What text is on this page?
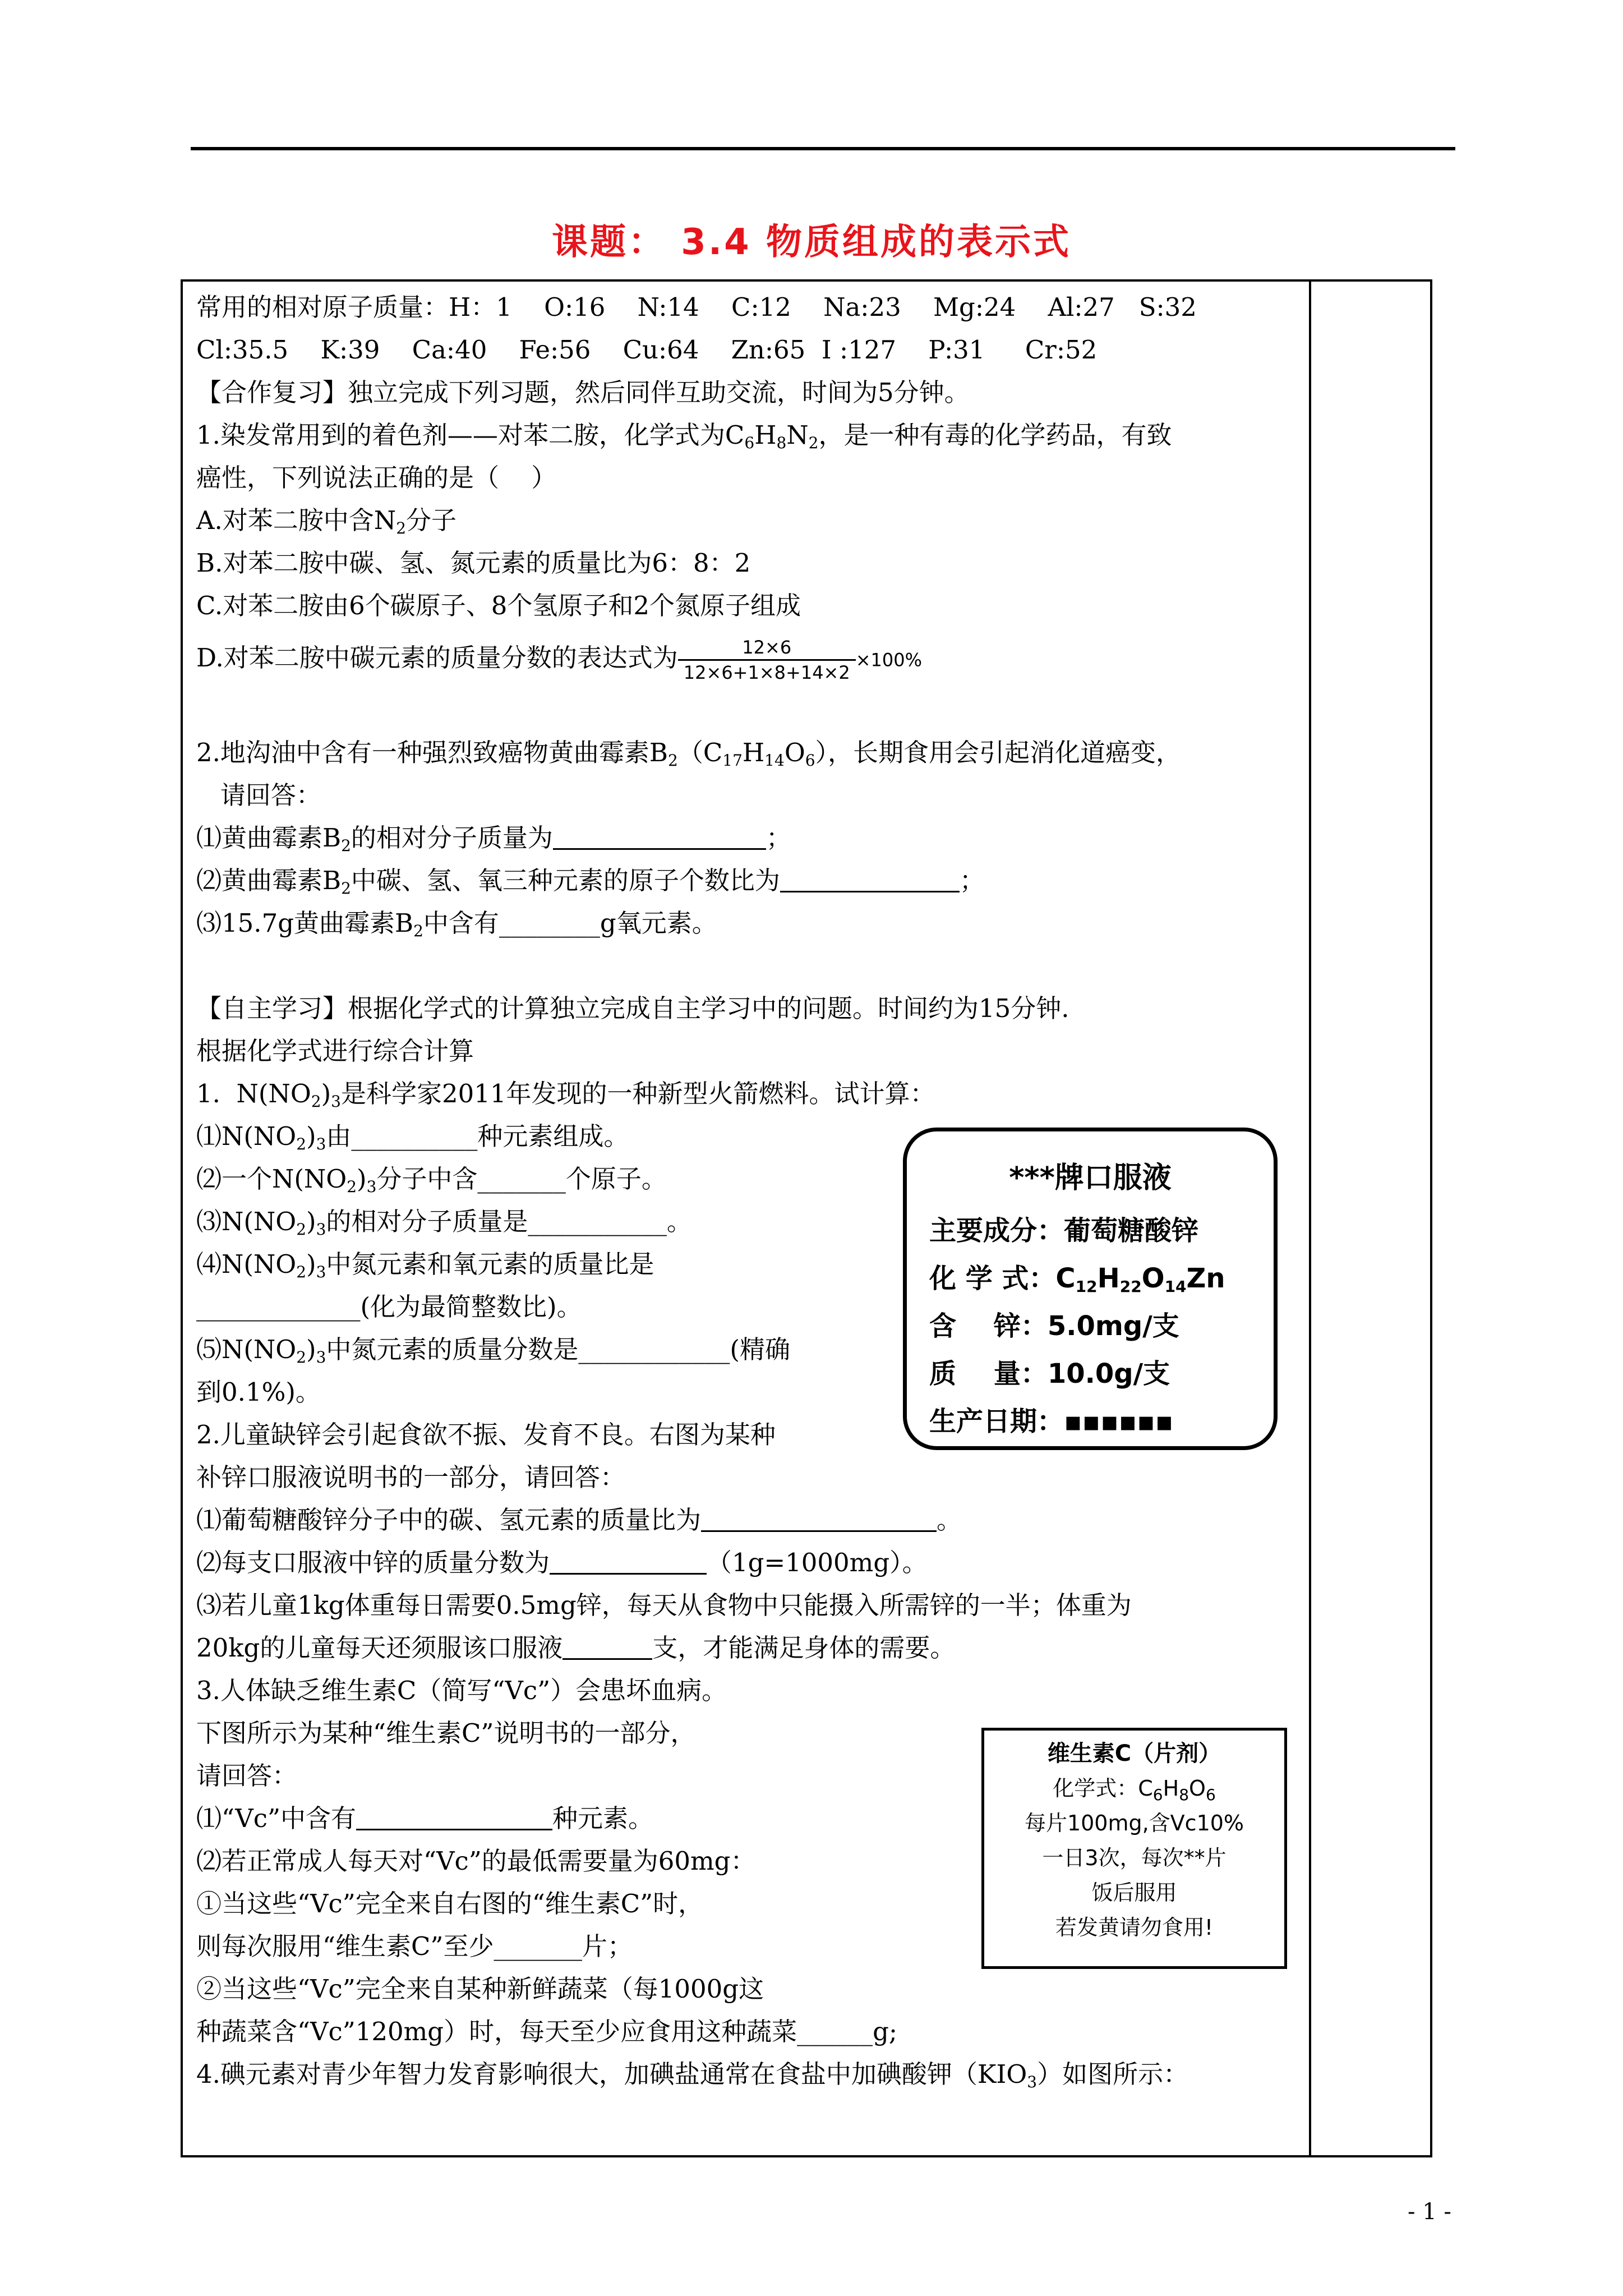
课题： 3.4 物质组成的表示式
常用的相对原子质量：H：1    O:16    N:14    C:12    Na:23    Mg:24    Al:27   S:32
Cl:35.5    K:39    Ca:40    Fe:56    Cu:64    Zn:65  I :127    P:31     Cr:52
【合作复习】独立完成下列习题，然后同伴互助交流，时间为5分钟。
1.染发常用到的着色剂——对苯二胺，化学式为$C_6H_8N_2$，是一种有毒的化学药品，有致
癌性，下列说法正确的是（    ）
A.对苯二胺中含$N_2$分子
B.对苯二胺中碳、氢、氮元素的质量比为6：8：2
C.对苯二胺由6个碳原子、8个氢原子和2个氮原子组成
D.对苯二胺中碳元素的质量分数的表达式为 $\frac{12\times 6}{12\times 6+1\times 8+14\times 2} \times 100\%$
2.地沟油中含有一种强烈致癌物黄曲霉素$B_2(C_{17}H_{14}O_6)$，长期食用会引起消化道癌变，
请回答：
⑴黄曲霉素$B_2$的相对分子质量为	；
⑵黄曲霉素$B_2$中碳、氢、氧三种元素的原子个数比为	；
⑶15.7g黄曲霉素$B_2$中含有________g氧元素。
【自主学习】根据化学式的计算独立完成自主学习中的问题。时间约为15分钟.
根据化学式进行综合计算
1.  $N(NO_2)_3$是科学家2011年发现的一种新型火箭燃料。试计算：
$⑴N(NO_2)_3$由__________种元素组成。
⑵一个$N(NO_2)_3$分子中含_______个原子。
$⑶N(NO_2)_3$的相对分子质量是___________。
$⑷N(NO_2)_3$中氮元素和氧元素的质量比是
_____________(化为最简整数比)。
$⑸N(NO_2)_3$中氮元素的质量分数是____________(精确
到0.1%)。
2.儿童缺锌会引起食欲不振、发育不良。右图为某种
补锌口服液说明书的一部分，请回答：
⑴葡萄糖酸锌分子中的碳、氢元素的质量比为	。
⑵每支口服液中锌的质量分数为	（1g=1000mg）。
⑶若儿童1kg体重每日需要0.5mg锌，每天从食物中只能摄入所需锌的一半；体重为
20kg的儿童每天还须服该口服液	支，才能满足身体的需要。
3.人体缺乏维生素C（简写“Vc”）会患坏血病。
下图所示为某种“维生素C”说明书的一部分，
请回答：
⑴“Vc”中含有	种元素。
⑵若正常成人每天对“Vc”的最低需要量为60mg：
①当这些“Vc”完全来自右图的“维生素C”时，
则每次服用“维生素C”至少_______片；
②当这些“Vc”完全来自某种新鲜蔬菜（每1000g这
种蔬菜含“Vc”120mg）时，每天至少应食用这种蔬菜______g;
4.碘元素对青少年智力发育影响很大，加碘盐通常在食盐中加碘酸钾$(KIO_3)$如图所示：
***牌口服液
主要成分：葡萄糖酸锌
化 学 式：$C_{12}H_{22}O_{14}Zn$
含    锌：5.0mg/支
质    量：10.0g/支
生产日期：▪▪▪▪▪▪
维生素C（片剂）
化学式：$C_6H_8O_6$
每片100mg,含Vc10%
一日3次，每次**片
饭后服用
若发黄请勿食用!
- 1 -
